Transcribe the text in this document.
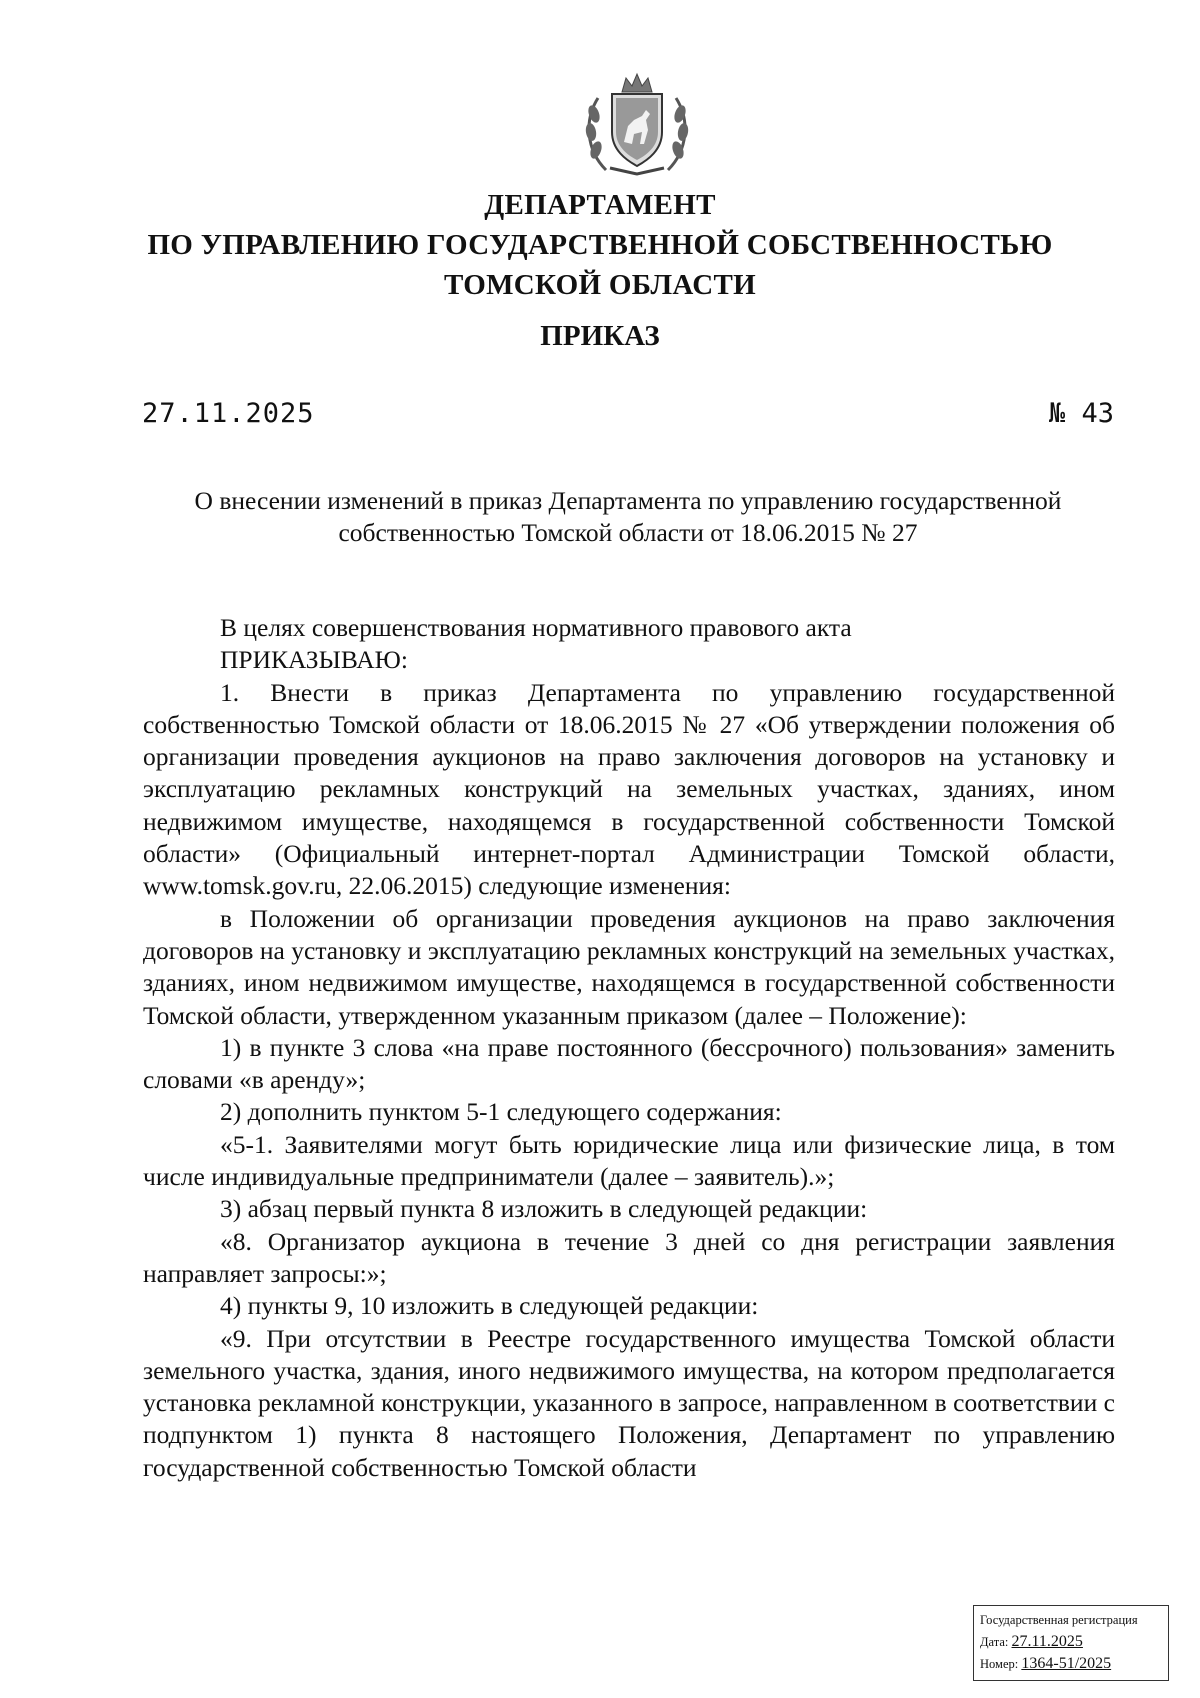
ДЕПАРТАМЕНТ
ПО УПРАВЛЕНИЮ ГОСУДАРСТВЕННОЙ СОБСТВЕННОСТЬЮ
ТОМСКОЙ ОБЛАСТИ
ПРИКАЗ
27.11.2025	№ 43
О внесении изменений в приказ Департамента по управлению государственной собственностью Томской области от 18.06.2015 № 27

В целях совершенствования нормативного правового акта

ПРИКАЗЫВАЮ:

1. Внести в приказ Департамента по управлению государственной собственностью Томской области от 18.06.2015 № 27 «Об утверждении положения об организации проведения аукционов на право заключения договоров на установку и эксплуатацию рекламных конструкций на земельных участках, зданиях, ином недвижимом имуществе, находящемся в государственной собственности Томской области» (Официальный интернет-портал Администрации Томской области, www.tomsk.gov.ru, 22.06.2015) следующие изменения:

в Положении об организации проведения аукционов на право заключения договоров на установку и эксплуатацию рекламных конструкций на земельных участках, зданиях, ином недвижимом имуществе, находящемся в государственной собственности Томской области, утвержденном указанным приказом (далее – Положение):

1) в пункте 3 слова «на праве постоянного (бессрочного) пользования» заменить словами «в аренду»;

2) дополнить пунктом 5-1 следующего содержания:

«5-1. Заявителями могут быть юридические лица или физические лица, в том числе индивидуальные предприниматели (далее – заявитель).»;

3) абзац первый пункта 8 изложить в следующей редакции:

«8. Организатор аукциона в течение 3 дней со дня регистрации заявления направляет запросы:»;

4) пункты 9, 10 изложить в следующей редакции:

«9. При отсутствии в Реестре государственного имущества Томской области земельного участка, здания, иного недвижимого имущества, на котором предполагается установка рекламной конструкции, указанного в запросе, направленном в соответствии с подпунктом 1) пункта 8 настоящего Положения, Департамент по управлению государственной собственностью Томской области

Государственная регистрация
Дата: 27.11.2025
Номер: 1364-51/2025
